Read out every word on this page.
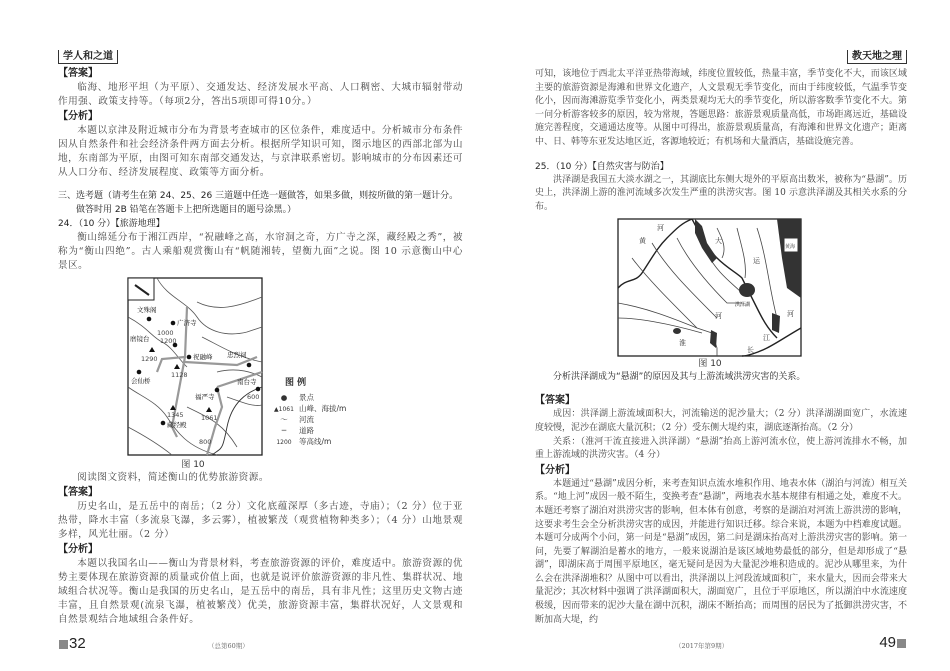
学人和之道
【答案】

临海、地形平坦（为平原）、交通发达、经济发展水平高、人口稠密、大城市辐射带动作用强、政策支持等。（每项2分，答出5项即可得10分。）

【分析】

本题以京津及附近城市分布为背景考查城市的区位条件，难度适中。分析城市分布条件因从自然条件和社会经济条件两方面去分析。根据所学知识可知，图示地区的西部北部为山地，东南部为平原，由图可知东南部交通发达，与京津联系密切。影响城市的分布因素还可从人口分布、经济发展程度、政策等方面分析。

三、选考题（请考生在第 24、25、26 三道题中任选一题做答，如果多做，则按所做的第一题计分。
做答时用 2B 铅笔在答题卡上把所选题目的题号涂黑。）
24．（10 分）【旅游地理】

衡山绵延分布于湘江西岸，“祝融峰之高，水帘洞之奇，方广寺之深，藏经殿之秀”，被称为“衡山四绝”。古人乘船观赏衡山有“帆随湘转，望衡九面”之说。图 10 示意衡山中心景区。

文殊阁
广济寺
祝融峰
会仙桥
忠烈祠
南台寺
福严寺
藏经殿
磨镜台
1000
1200
1290
1128
1345	1061
600
800
图 例
● 景点
▲1061 山峰、海拔/m
〜 河流
━ 道路
1200 等高线/m
图 10

阅读图文资料，简述衡山的优势旅游资源。

【答案】

历史名山，是五岳中的南岳；（2 分）文化底蕴深厚（多古迹，寺庙）；（2 分）位于亚热带，降水丰富（多流泉飞瀑，多云雾），植被繁茂（观赏植物种类多）；（4 分）山地景观多样，风光壮丽。（2 分）

【分析】

本题以我国名山——衡山为背景材料，考查旅游资源的评价，难度适中。旅游资源的优势主要体现在旅游资源的质量或价值上面，也就是说评价旅游资源的非凡性、集群状况、地域组合状况等。衡山是我国的历史名山，是五岳中的南岳，具有非凡性；这里历史文物古迹丰富，且自然景观(流泉飞瀑，植被繁茂）优美，旅游资源丰富，集群状况好，人文景观和自然景观结合地域组合条件好。

32	（总第60期）
教天地之理

可知，该地位于西北太平洋亚热带海域，纬度位置较低，热量丰富，季节变化不大，而该区域主要的旅游资源是海滩和世界文化遗产，人文景观无季节变化，而由于纬度较低，气温季节变化小，因而海滩游览季节变化小，两类景观均无大的季节变化，所以游客数季节变化不大。第一问分析游客较多的原因，较为常规，答题思路：旅游景观质量高低，市场距离远近，基础设施完善程度，交通通达度等。从图中可得出，旅游景观质量高，有海滩和世界文化遗产；距离中、日、韩等东亚发达地区近，客源地较近；有机场和大量酒店，基础设施完善。

25．（10 分）【自然灾害与防治】

洪泽湖是我国五大淡水湖之一，其湖底比东侧大堤外的平原高出数米，被称为“悬湖”。历史上，洪泽湖上游的淮河流域多次发生严重的洪涝灾害。图 10 示意洪泽湖及其相关水系的分布。

黄
河
大
运
河
淮
河
洪泽湖
江
长
黄海
图 10
分析洪泽湖成为“悬湖”的原因及其与上游流域洪涝灾害的关系。
【答案】

成因：洪泽湖上游流域面积大，河流输送的泥沙量大；（2 分）洪泽湖湖面宽广，水流速度较慢，泥沙在湖底大量沉积；（2 分）受东侧大堤约束，湖底逐渐抬高。（2 分）

关系：（淮河干流直接进入洪泽湖）“悬湖”抬高上游河流水位，使上游河流排水不畅，加重上游流域的洪涝灾害。（4 分）

【分析】

本题通过“悬湖”成因分析，来考查知识点流水堆积作用、地表水体（湖泊与河流）相互关系。“地上河”成因一般不陌生，变换考查“悬湖”，两地表水基本规律有相通之处，难度不大。本题还考察了湖泊对洪涝灾害的影响，但本体有创意，考察的是湖泊对河流上游洪涝的影响，这要求考生会全分析洪涝灾害的成因，并能进行知识迁移。综合来说，本题为中档难度试题。本题可分成两个小问，第一问是“悬湖”成因，第二问是湖床抬高对上游洪涝灾害的影响。第一问，先要了解湖泊是蓄水的地方，一般来说湖泊是该区域地势最低的部分，但是却形成了“悬湖”，即湖床高于周围平原地区，毫无疑问是因为大量泥沙堆积造成的。泥沙从哪里来，为什么会在洪泽湖堆积？从图中可以看出，洪泽湖以上河段流域面积广，来水量大，因而会带来大量泥沙；其次材料中强调了洪泽湖面积大，湖面宽广，且位于平原地区，所以湖泊中水流速度极缓，因而带来的泥沙大量在湖中沉积，湖床不断抬高；而周围的居民为了抵御洪涝灾害，不断加高大堤，约

（2017年第9期）	49
